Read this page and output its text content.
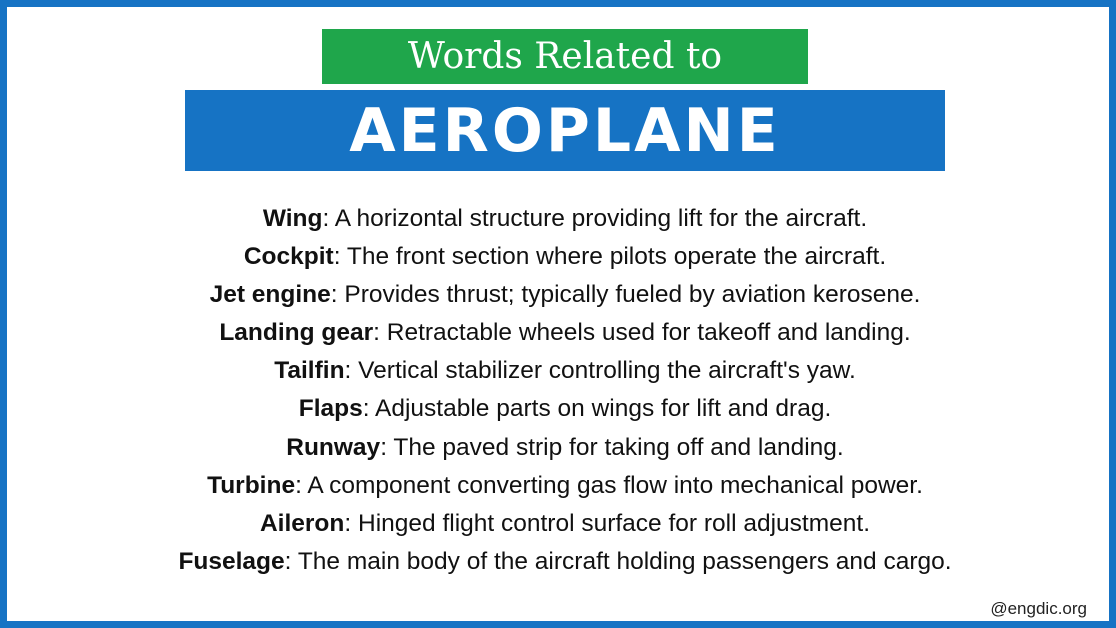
Words Related to
AEROPLANE
Wing: A horizontal structure providing lift for the aircraft.
Cockpit: The front section where pilots operate the aircraft.
Jet engine: Provides thrust; typically fueled by aviation kerosene.
Landing gear: Retractable wheels used for takeoff and landing.
Tailfin: Vertical stabilizer controlling the aircraft's yaw.
Flaps: Adjustable parts on wings for lift and drag.
Runway: The paved strip for taking off and landing.
Turbine: A component converting gas flow into mechanical power.
Aileron: Hinged flight control surface for roll adjustment.
Fuselage: The main body of the aircraft holding passengers and cargo.
@engdic.org
